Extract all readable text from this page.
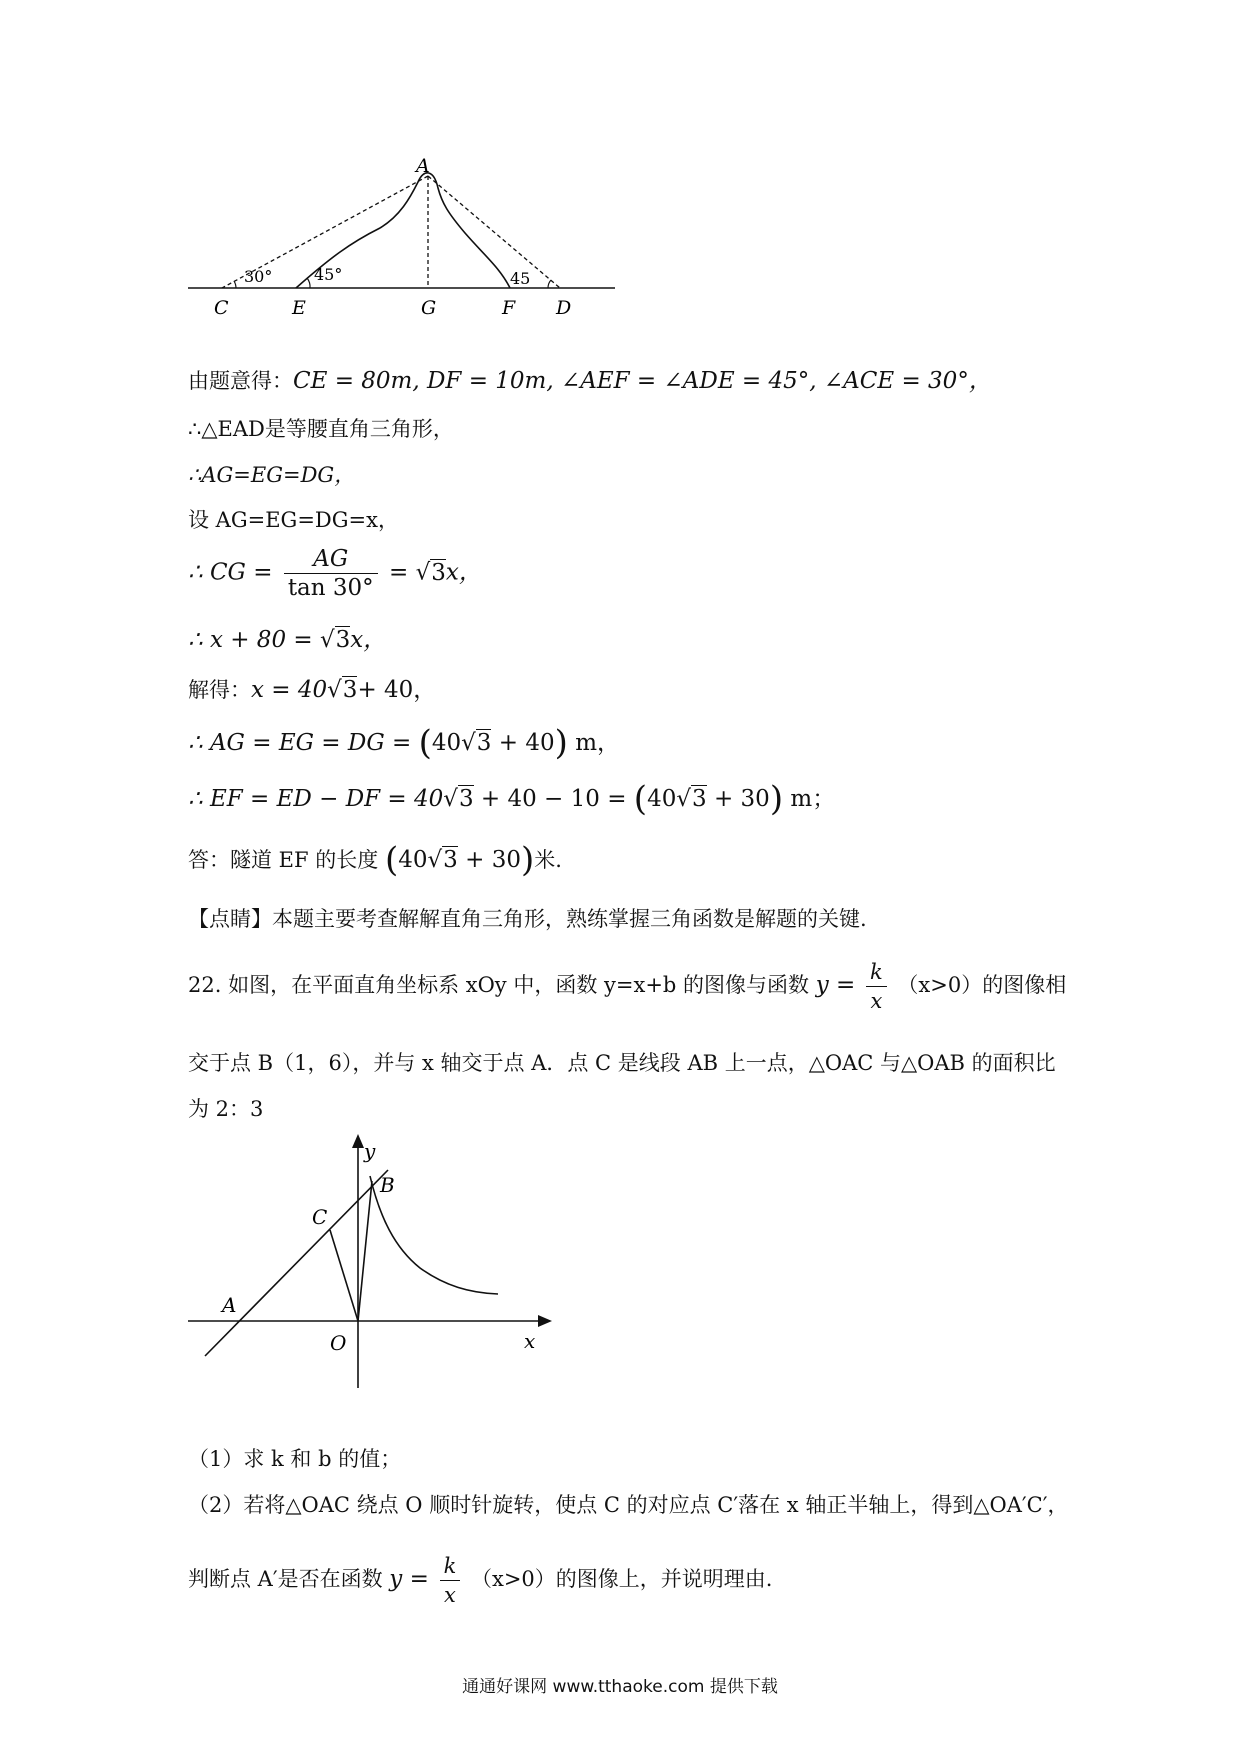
A
C	E	G	F D
30°	45°	45
由题意得：CE = 80m, DF = 10m, ∠AEF = ∠ADE = 45°, ∠ACE = 30°，
∴△EAD是等腰直角三角形，
∴AG=EG=DG，
设 AG=EG=DG=x，
∴ CG = $\frac{AG}{\tan 30^\circ} = √3x$，
∴ x + 80 = √3x，
解得：x = 40√3+ 40，
∴ AG = EG = DG = (40√3 + 40) m，
∴ EF = ED − DF = 40√3 + 40 − 10 = (40√3 + 30) m；
答：隧道 EF 的长度 (40√3 + 30)米.
【点睛】本题主要考查解解直角三角形，熟练掌握三角函数是解题的关键.
22. 如图，在平面直角坐标系 xOy 中，函数 y=x+b 的图像与函数 $y = \frac{k}{x} (x>0)$的图像相
交于点 B（1，6），并与 x 轴交于点 A．点 C 是线段 AB 上一点，△OAC 与△OAB 的面积比
为 2：3
y
B
C
A
O	x
（1）求 k 和 b 的值；
（2）若将△OAC 绕点 O 顺时针旋转，使点 C 的对应点 C′落在 x 轴正半轴上，得到△OA′C′，
判断点 A′是否在函数 $y = \frac{k}{x} (x>0)$的图像上，并说明理由.
通通好课网 www.tthaoke.com 提供下载
